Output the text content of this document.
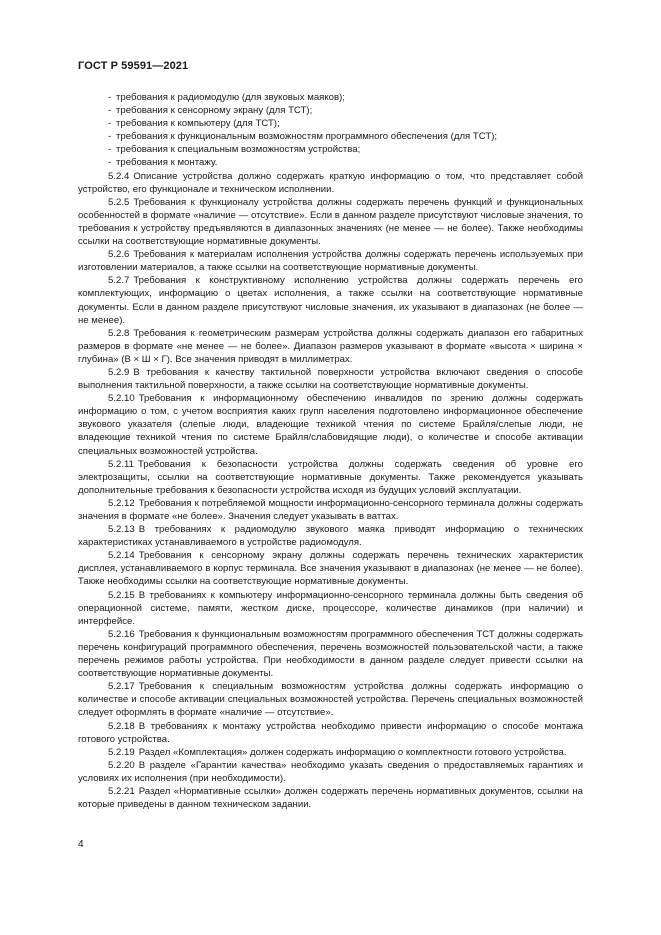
ГОСТ Р 59591—2021
- требования к радиомодулю (для звуковых маяков);
- требования к сенсорному экрану (для ТСТ);
- требования к компьютеру (для ТСТ);
- требования к функциональным возможностям программного обеспечения (для ТСТ);
- требования к специальным возможностям устройства;
- требования к монтажу.

5.2.4 Описание устройства должно содержать краткую информацию о том, что представляет собой устройство, его функционале и техническом исполнении.

5.2.5 Требования к функционалу устройства должны содержать перечень функций и функциональных особенностей в формате «наличие — отсутствие». Если в данном разделе присутствуют числовые значения, то требования к устройству предъявляются в диапазонных значениях (не менее — не более). Также необходимы ссылки на соответствующие нормативные документы.

5.2.6 Требования к материалам исполнения устройства должны содержать перечень используемых при изготовлении материалов, а также ссылки на соответствующие нормативные документы.

5.2.7 Требования к конструктивному исполнению устройства должны содержать перечень его комплектующих, информацию о цветах исполнения, а также ссылки на соответствующие нормативные документы. Если в данном разделе присутствуют числовые значения, их указывают в диапазонах (не более — не менее).

5.2.8 Требования к геометрическим размерам устройства должны содержать диапазон его габаритных размеров в формате «не менее — не более». Диапазон размеров указывают в формате «высота × ширина × глубина» (В × Ш × Г). Все значения приводят в миллиметрах.

5.2.9 В требования к качеству тактильной поверхности устройства включают сведения о способе выполнения тактильной поверхности, а также ссылки на соответствующие нормативные документы.

5.2.10 Требования к информационному обеспечению инвалидов по зрению должны содержать информацию о том, с учетом восприятия каких групп населения подготовлено информационное обеспечение звукового указателя (слепые люди, владеющие техникой чтения по системе Брайля/слепые люди, не владеющие техникой чтения по системе Брайля/слабовидящие люди), о количестве и способе активации специальных возможностей устройства.

5.2.11 Требования к безопасности устройства должны содержать сведения об уровне его электрозащиты, ссылки на соответствующие нормативные документы. Также рекомендуется указывать дополнительные требования к безопасности устройства исходя из будущих условий эксплуатации.

5.2.12 Требования к потребляемой мощности информационно-сенсорного терминала должны содержать значения в формате «не более». Значения следует указывать в ваттах.

5.2.13 В требованиях к радиомодулю звукового маяка приводят информацию о технических характеристиках устанавливаемого в устройстве радиомодуля.

5.2.14 Требования к сенсорному экрану должны содержать перечень технических характеристик дисплея, устанавливаемого в корпус терминала. Все значения указывают в диапазонах (не менее — не более). Также необходимы ссылки на соответствующие нормативные документы.

5.2.15 В требованиях к компьютеру информационно-сенсорного терминала должны быть сведения об операционной системе, памяти, жестком диске, процессоре, количестве динамиков (при наличии) и интерфейсе.

5.2.16 Требования к функциональным возможностям программного обеспечения ТСТ должны содержать перечень конфигураций программного обеспечения, перечень возможностей пользовательской части, а также перечень режимов работы устройства. При необходимости в данном разделе следует привести ссылки на соответствующие нормативные документы.

5.2.17 Требования к специальным возможностям устройства должны содержать информацию о количестве и способе активации специальных возможностей устройства. Перечень специальных возможностей следует оформлять в формате «наличие — отсутствие».

5.2.18 В требованиях к монтажу устройства необходимо привести информацию о способе монтажа готового устройства.

5.2.19 Раздел «Комплектация» должен содержать информацию о комплектности готового устройства.

5.2.20 В разделе «Гарантии качества» необходимо указать сведения о предоставляемых гарантиях и условиях их исполнения (при необходимости).

5.2.21 Раздел «Нормативные ссылки» должен содержать перечень нормативных документов, ссылки на которые приведены в данном техническом задании.

4
